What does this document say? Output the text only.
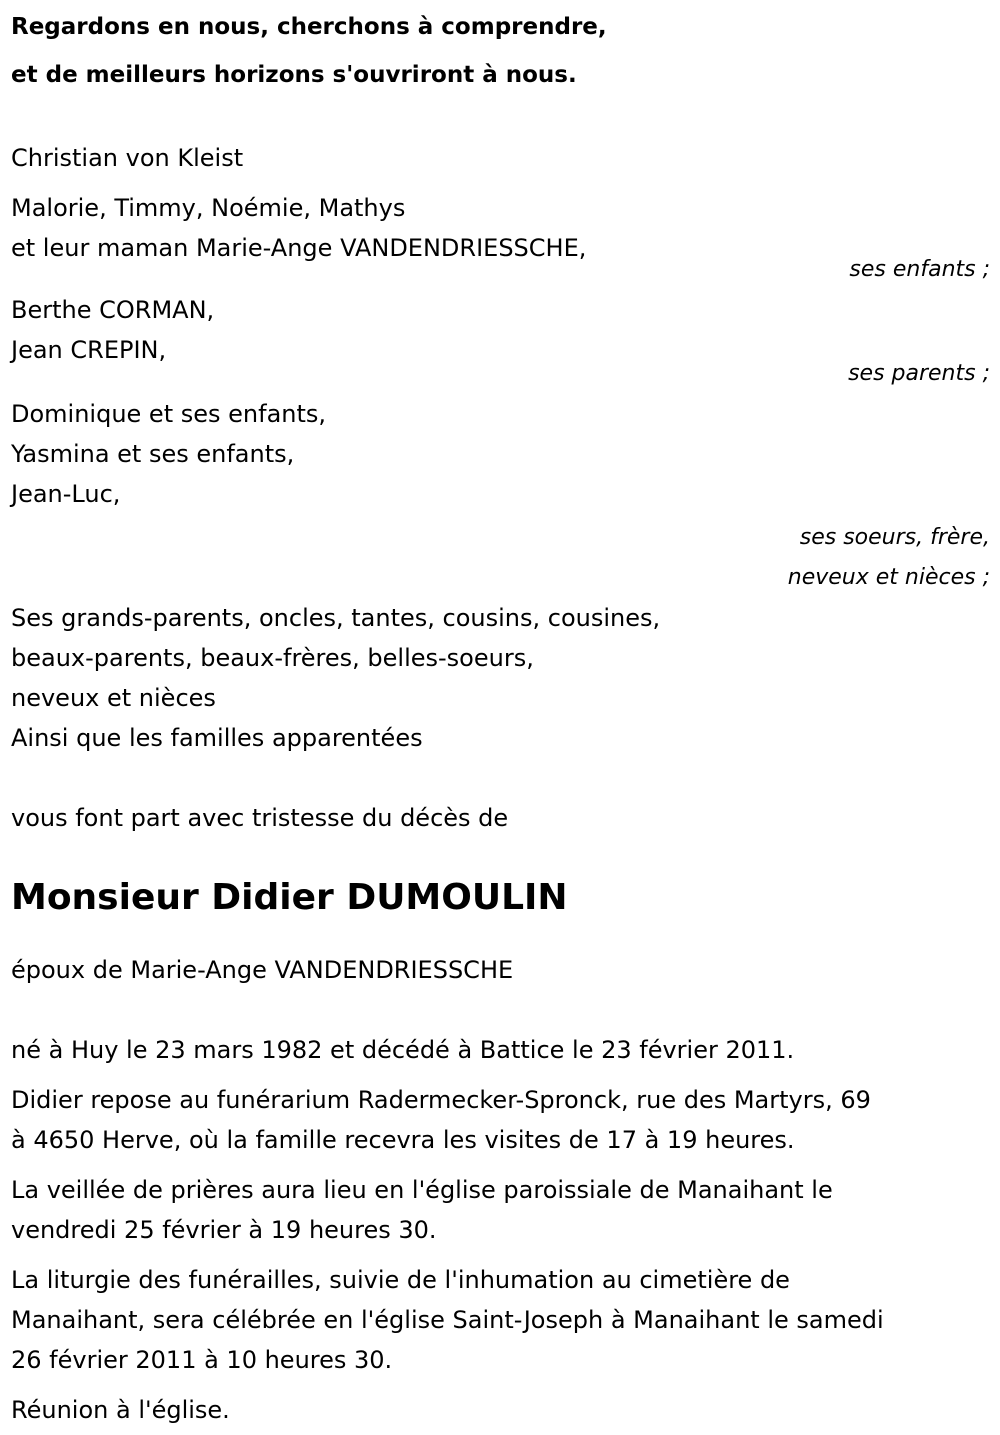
Regardons en nous, cherchons à comprendre,
et de meilleurs horizons s'ouvriront à nous.
Christian von Kleist
Malorie, Timmy, Noémie, Mathys
et leur maman Marie-Ange VANDENDRIESSCHE,
ses enfants ;
Berthe CORMAN,
Jean CREPIN,
ses parents ;
Dominique et ses enfants,
Yasmina et ses enfants,
Jean-Luc,
ses soeurs, frère,
neveux et nièces ;
Ses grands-parents, oncles, tantes, cousins, cousines,
beaux-parents, beaux-frères, belles-soeurs,
neveux et nièces
Ainsi que les familles apparentées
vous font part avec tristesse du décès de
Monsieur Didier DUMOULIN
époux de Marie-Ange VANDENDRIESSCHE
né à Huy le 23 mars 1982 et décédé à Battice le 23 février 2011.
Didier repose au funérarium Radermecker-Spronck, rue des Martyrs, 69
à 4650 Herve, où la famille recevra les visites de 17 à 19 heures.
La veillée de prières aura lieu en l'église paroissiale de Manaihant le
vendredi 25 février à 19 heures 30.
La liturgie des funérailles, suivie de l'inhumation au cimetière de
Manaihant, sera célébrée en l'église Saint-Joseph à Manaihant le samedi
26 février 2011 à 10 heures 30.
Réunion à l'église.
